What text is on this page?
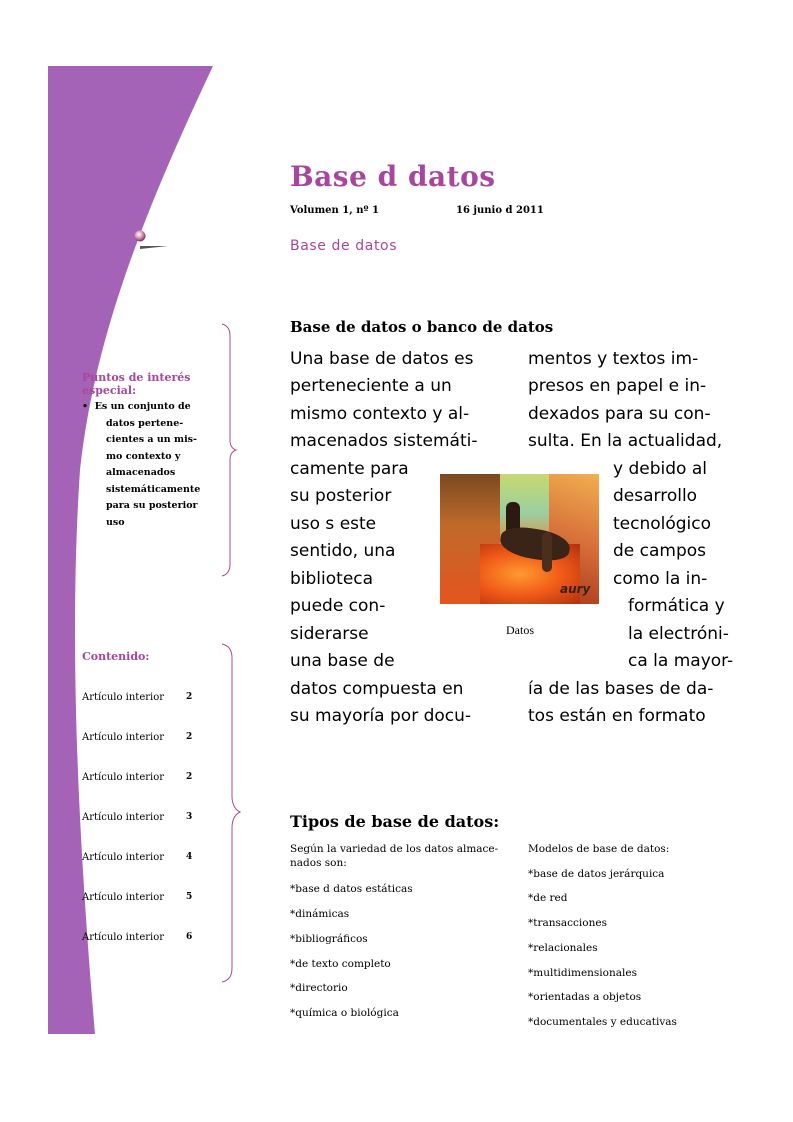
Base d datos
Volumen 1, nº 1	16 junio d 2011
Base de datos
Puntos de interés
especial:
•  Es un conjunto de
datos pertene-
cientes a un mis-
mo contexto y
almacenados
sistemáticamente
para su posterior
uso
Contenido:
Artículo interior 2
Artículo interior 2
Artículo interior 2
Artículo interior 3
Artículo interior 4
Artículo interior 5
Artículo interior 6
Base de datos o banco de datos
Una base de datos es
perteneciente a un
mismo contexto y al-
macenados sistemáti-
camente para
su posterior
uso s este
sentido, una
biblioteca
puede con-
siderarse
una base de
datos compuesta en
su mayoría por docu-
mentos y textos im-
presos en papel e in-
dexados para su con-
sulta. En la actualidad,
y debido al
desarrollo
tecnológico
de campos
como la in-
formática y
la electróni-
ca la mayor-
ía de las bases de da-
tos están en formato
aury
Datos
Tipos de base de datos:
Según la variedad de los datos almace-
nados son:
*base d datos estáticas
*dinámicas
*bibliográficos
*de texto completo
*directorio
*química o biológica
Modelos de base de datos:
*base de datos jerárquica
*de red
*transacciones
*relacionales
*multidimensionales
*orientadas a objetos
*documentales y educativas
